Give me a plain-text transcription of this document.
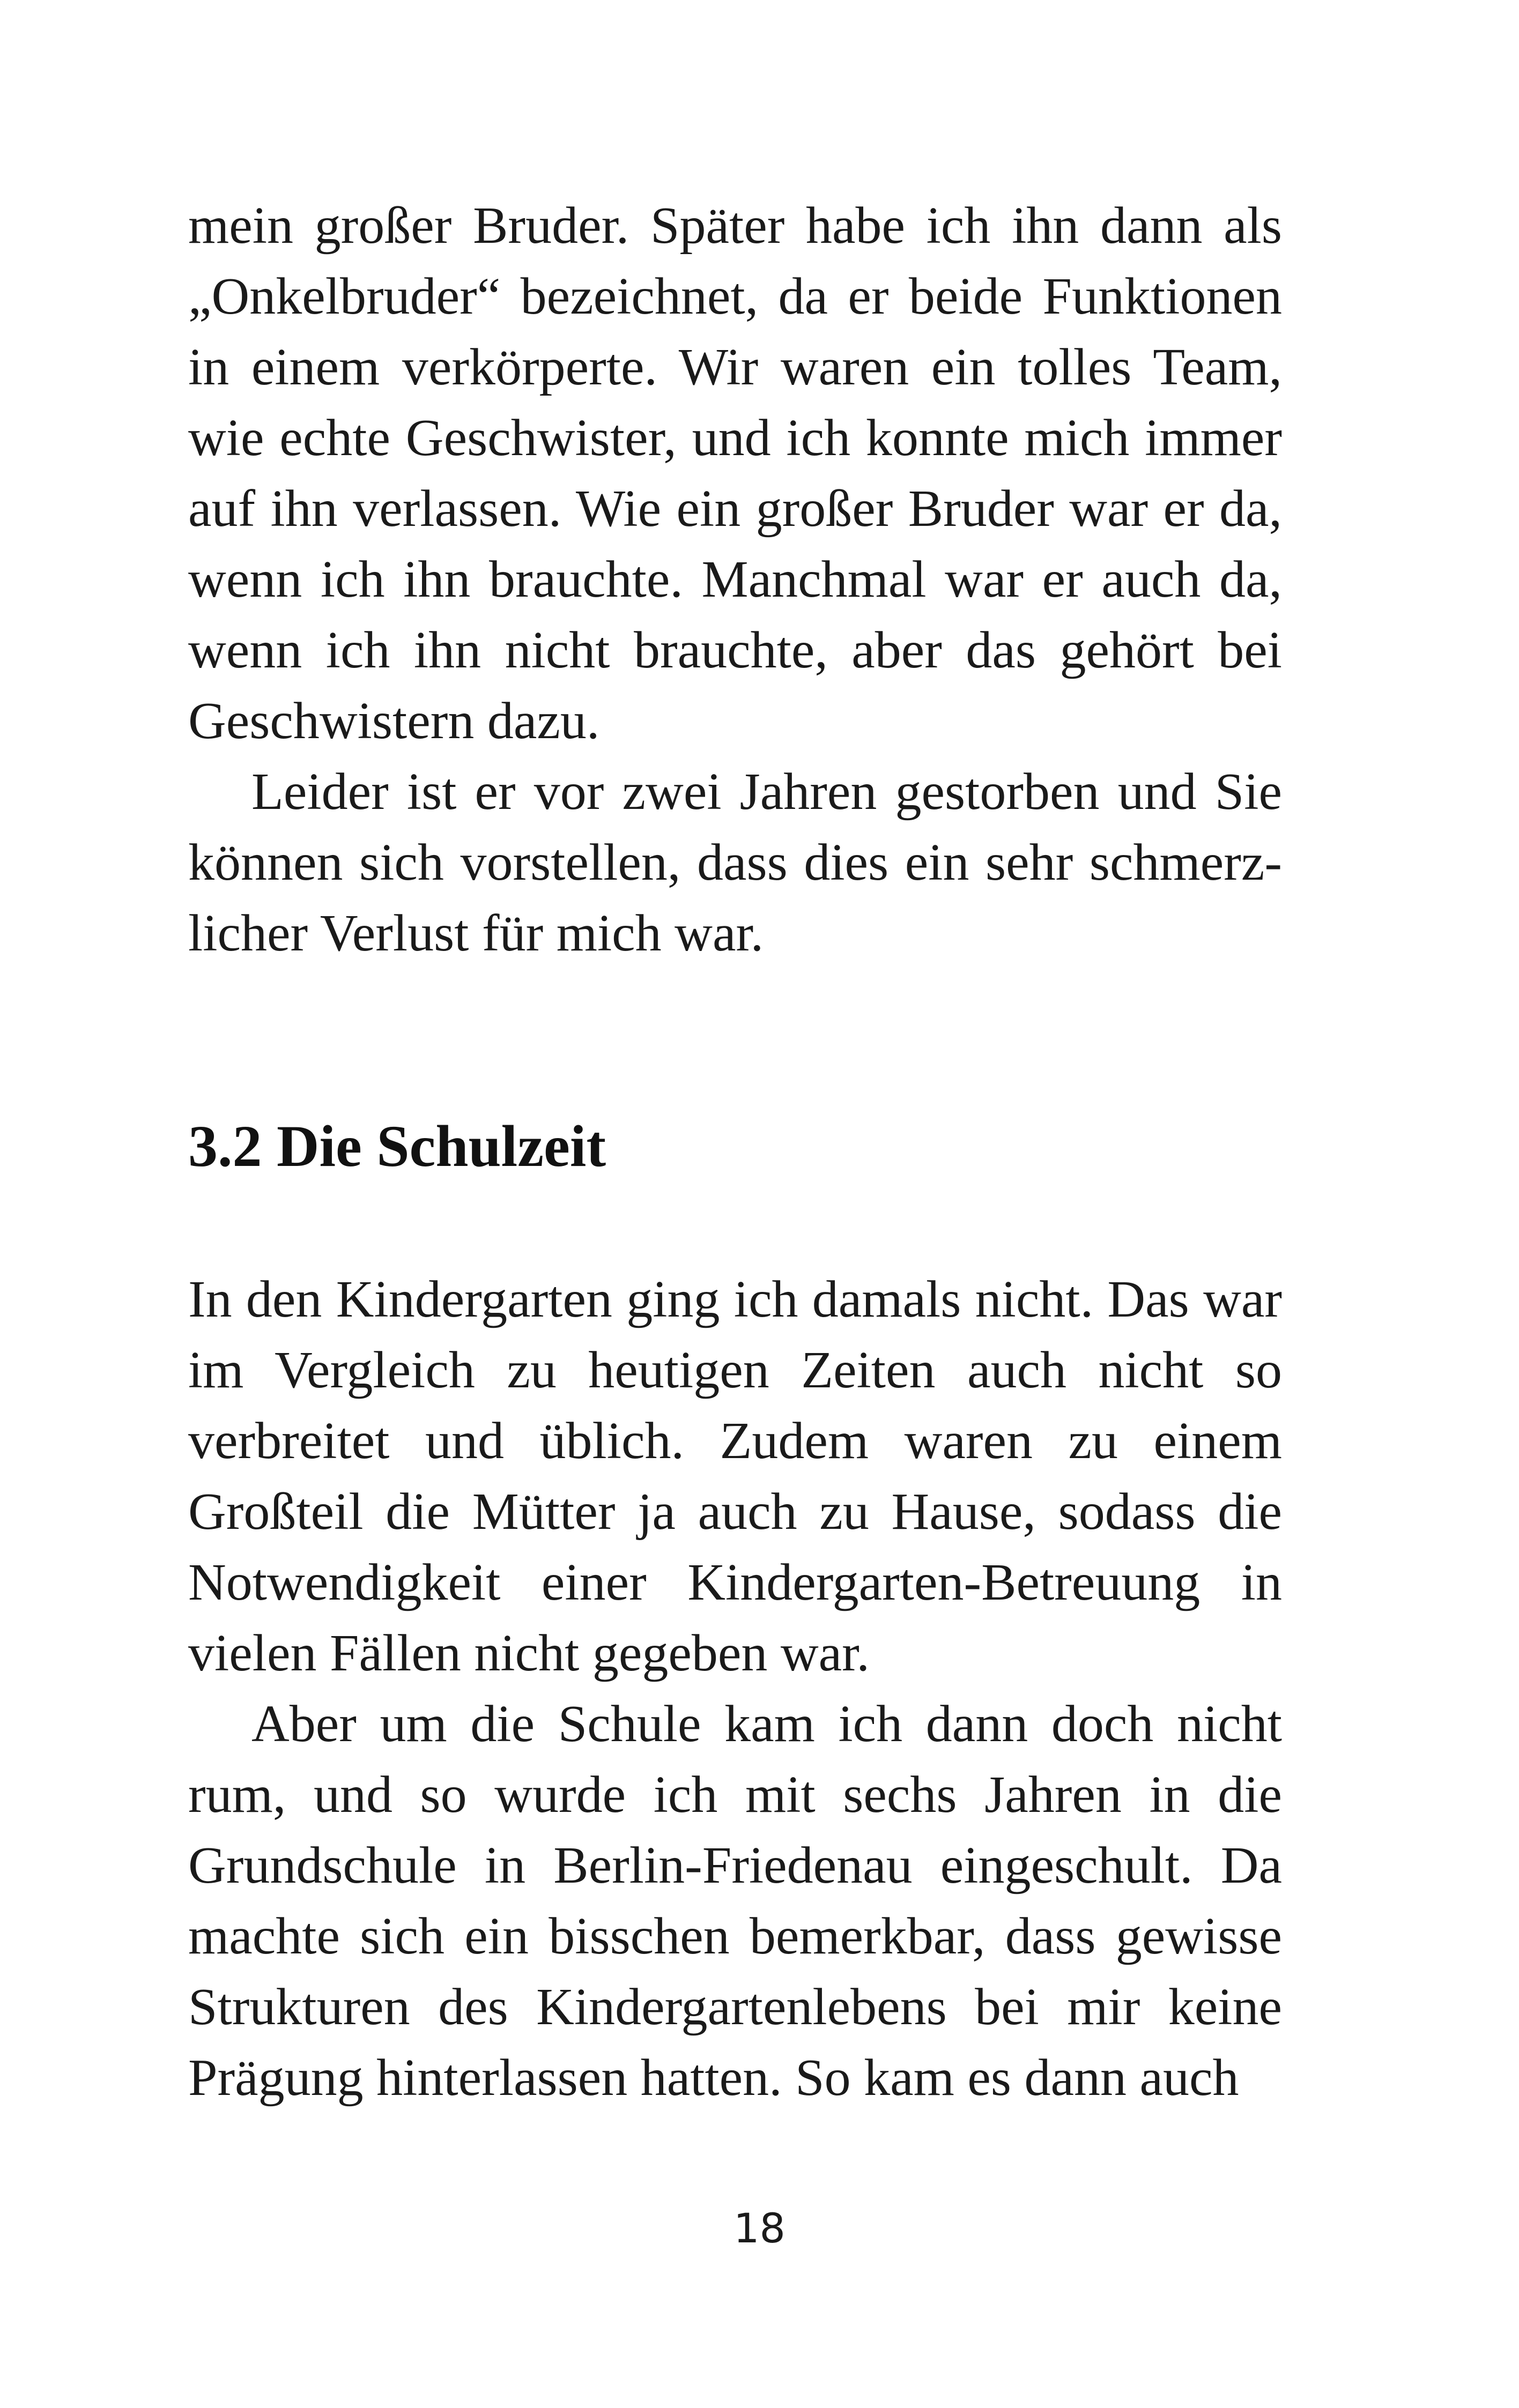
mein großer Bruder. Später habe ich ihn dann als „Onkelbruder“ bezeichnet, da er beide Funktionen in einem verkörperte. Wir waren ein tolles Team, wie echte Geschwister, und ich konnte mich immer auf ihn verlassen. Wie ein großer Bruder war er da, wenn ich ihn brauchte. Manchmal war er auch da, wenn ich ihn nicht brauchte, aber das gehört bei Geschwistern dazu.

Leider ist er vor zwei Jahren gestorben und Sie können sich vorstellen, dass dies ein sehr schmerzlicher Verlust für mich war.

3.2 Die Schulzeit

In den Kindergarten ging ich damals nicht. Das war im Vergleich zu heutigen Zeiten auch nicht so verbreitet und üblich. Zudem waren zu einem Großteil die Mütter ja auch zu Hause, sodass die Notwendigkeit einer Kindergarten-Betreuung in vielen Fällen nicht gegeben war.

Aber um die Schule kam ich dann doch nicht rum, und so wurde ich mit sechs Jahren in die Grundschule in Berlin-Friedenau eingeschult. Da machte sich ein bisschen bemerkbar, dass gewisse Strukturen des Kindergartenlebens bei mir keine Prägung hinterlassen hatten. So kam es dann auch

18
